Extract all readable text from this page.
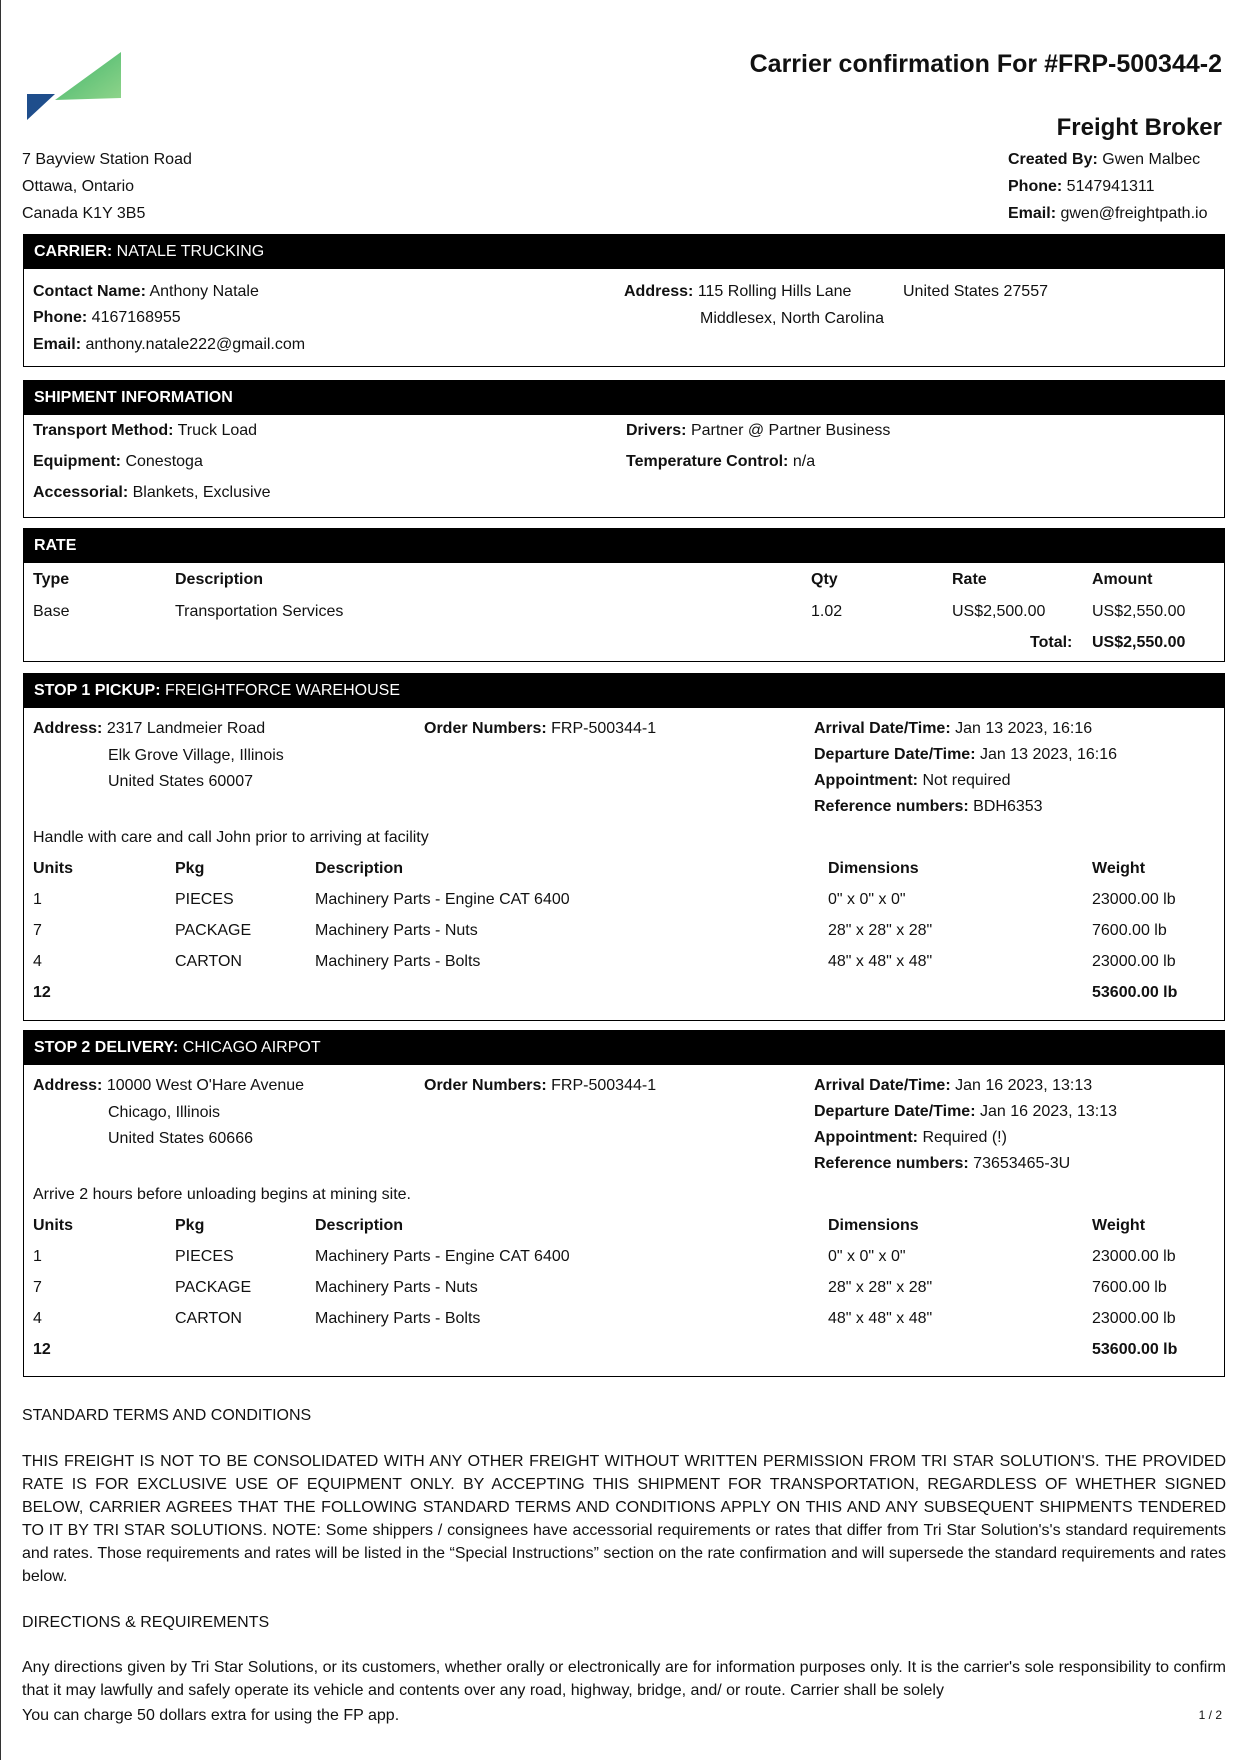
Carrier confirmation For #FRP-500344-2
Freight Broker
7 Bayview Station Road
Ottawa, Ontario
Canada K1Y 3B5
Created By: Gwen Malbec
Phone: 5147941311
Email: gwen@freightpath.io
CARRIER: NATALE TRUCKING
Contact Name: Anthony Natale
Phone: 4167168955
Email: anthony.natale222@gmail.com
Address: 115 Rolling Hills Lane	United States 27557
Middlesex, North Carolina
SHIPMENT INFORMATION
Transport Method: Truck Load
Equipment: Conestoga
Accessorial: Blankets, Exclusive
Drivers: Partner @ Partner Business
Temperature Control: n/a
RATE
Type	Description	Qty	Rate	Amount
Base	Transportation Services	1.02	US$2,500.00	US$2,550.00
Total: US$2,550.00
STOP 1 PICKUP: FREIGHTFORCE WAREHOUSE
Address: 2317 Landmeier Road
Elk Grove Village, Illinois
United States 60007
Order Numbers: FRP-500344-1	Arrival Date/Time: Jan 13 2023, 16:16
Departure Date/Time: Jan 13 2023, 16:16
Appointment: Not required
Reference numbers: BDH6353
Handle with care and call John prior to arriving at facility
Units	Pkg	Description	Dimensions	Weight
1	PIECES	Machinery Parts - Engine CAT 6400	0" x 0" x 0"	23000.00 lb
7	PACKAGE	Machinery Parts - Nuts	28" x 28" x 28"	7600.00 lb
4	CARTON	Machinery Parts - Bolts	48" x 48" x 48"	23000.00 lb
12	53600.00 lb
STOP 2 DELIVERY: CHICAGO AIRPOT
Address: 10000 West O'Hare Avenue
Chicago, Illinois
United States 60666
Order Numbers: FRP-500344-1	Arrival Date/Time: Jan 16 2023, 13:13
Departure Date/Time: Jan 16 2023, 13:13
Appointment: Required (!)
Reference numbers: 73653465-3U
Arrive 2 hours before unloading begins at mining site.
Units	Pkg	Description	Dimensions	Weight
1	PIECES	Machinery Parts - Engine CAT 6400	0" x 0" x 0"	23000.00 lb
7	PACKAGE	Machinery Parts - Nuts	28" x 28" x 28"	7600.00 lb
4	CARTON	Machinery Parts - Bolts	48" x 48" x 48"	23000.00 lb
12	53600.00 lb
STANDARD TERMS AND CONDITIONS
THIS FREIGHT IS NOT TO BE CONSOLIDATED WITH ANY OTHER FREIGHT WITHOUT WRITTEN PERMISSION FROM TRI STAR SOLUTION'S. THE PROVIDED RATE IS FOR EXCLUSIVE USE OF EQUIPMENT ONLY. BY ACCEPTING THIS SHIPMENT FOR TRANSPORTATION, REGARDLESS OF WHETHER SIGNED BELOW, CARRIER AGREES THAT THE FOLLOWING STANDARD TERMS AND CONDITIONS APPLY ON THIS AND ANY SUBSEQUENT SHIPMENTS TENDERED TO IT BY TRI STAR SOLUTIONS. NOTE: Some shippers / consignees have accessorial requirements or rates that differ from Tri Star Solution's's standard requirements and rates. Those requirements and rates will be listed in the “Special Instructions” section on the rate confirmation and will supersede the standard requirements and rates below.
DIRECTIONS & REQUIREMENTS
Any directions given by Tri Star Solutions, or its customers, whether orally or electronically are for information purposes only. It is the carrier's sole responsibility to confirm that it may lawfully and safely operate its vehicle and contents over any road, highway, bridge, and/ or route. Carrier shall be solely
You can charge 50 dollars extra for using the FP app.	1 / 2
